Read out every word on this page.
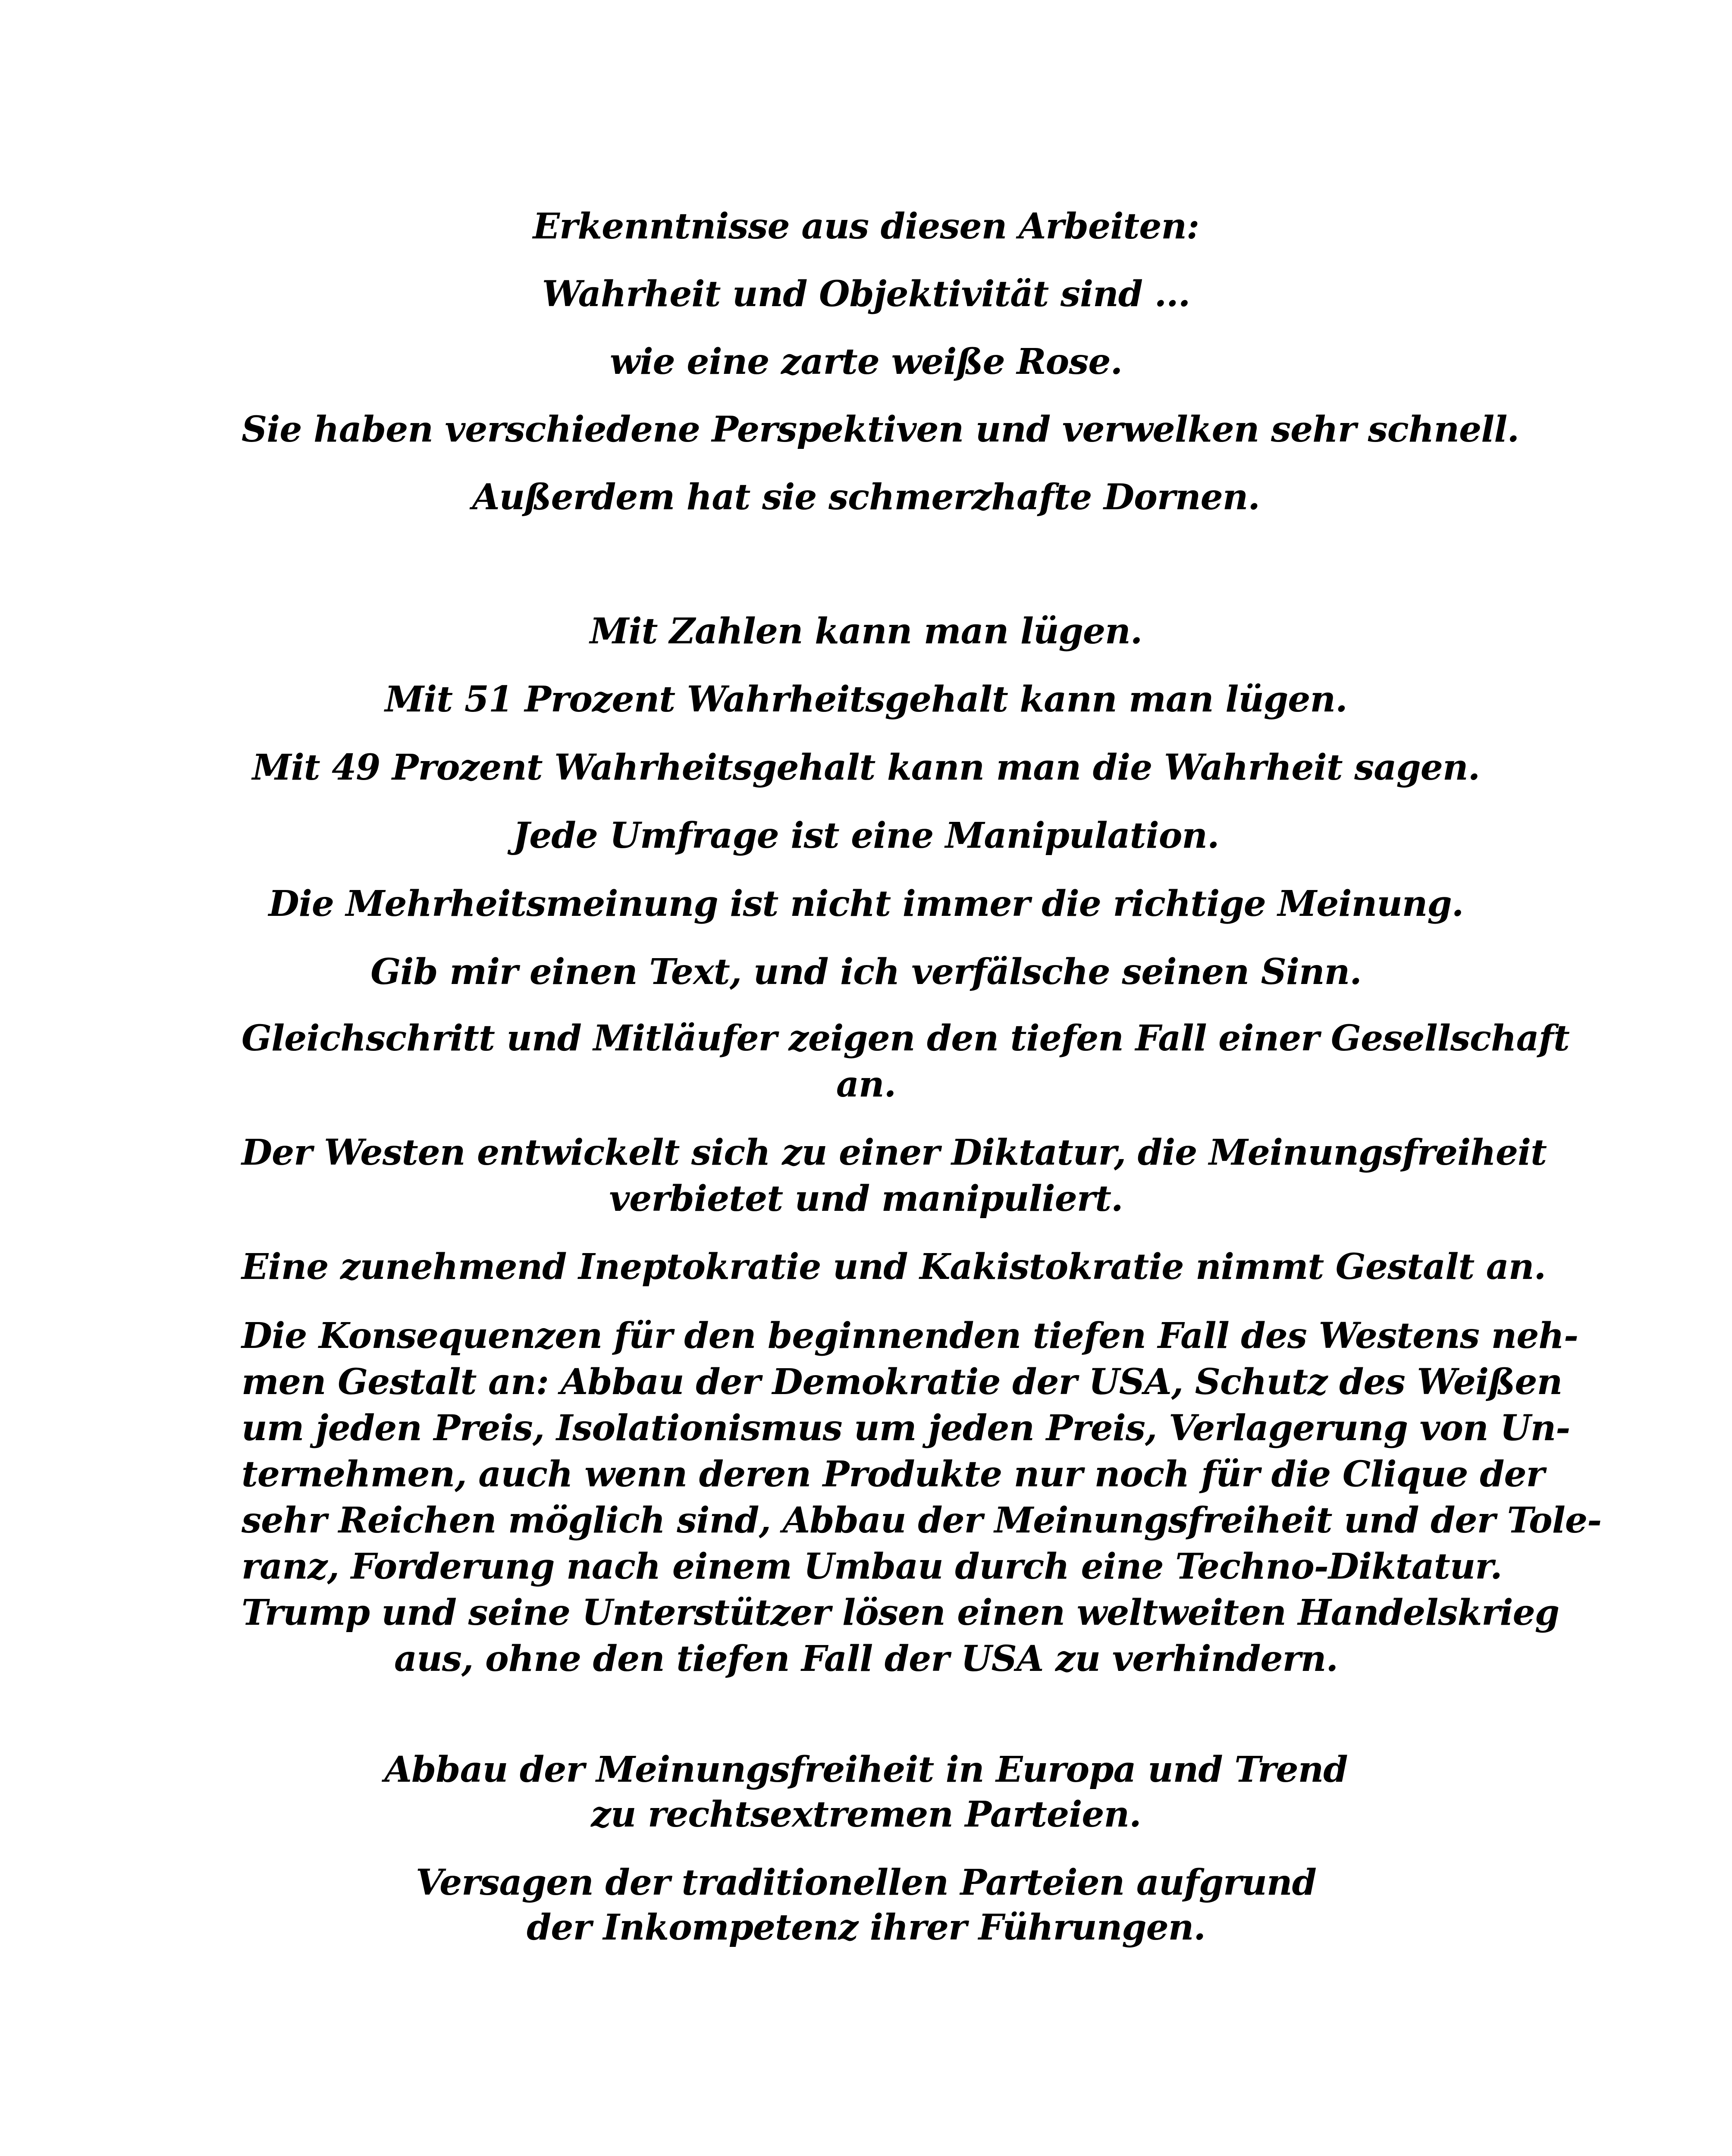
Erkenntnisse aus diesen Arbeiten:
Wahrheit und Objektivität sind ...
wie eine zarte weiße Rose.
Sie haben verschiedene Perspektiven und verwelken sehr schnell.
Außerdem hat sie schmerzhafte Dornen.
Mit Zahlen kann man lügen.
Mit 51 Prozent Wahrheitsgehalt kann man lügen.
Mit 49 Prozent Wahrheitsgehalt kann man die Wahrheit sagen.
Jede Umfrage ist eine Manipulation.
Die Mehrheitsmeinung ist nicht immer die richtige Meinung.
Gib mir einen Text, und ich verfälsche seinen Sinn.
Gleichschritt und Mitläufer zeigen den tiefen Fall einer Gesellschaft
an.
Der Westen entwickelt sich zu einer Diktatur, die Meinungsfreiheit
verbietet und manipuliert.
Eine zunehmend Ineptokratie und Kakistokratie nimmt Gestalt an.
Die Konsequenzen für den beginnenden tiefen Fall des Westens neh-
men Gestalt an: Abbau der Demokratie der USA, Schutz des Weißen
um jeden Preis, Isolationismus um jeden Preis, Verlagerung von Un-
ternehmen, auch wenn deren Produkte nur noch für die Clique der
sehr Reichen möglich sind, Abbau der Meinungsfreiheit und der Tole-
ranz, Forderung nach einem Umbau durch eine Techno-Diktatur.
Trump und seine Unterstützer lösen einen weltweiten Handelskrieg
aus, ohne den tiefen Fall der USA zu verhindern.
Abbau der Meinungsfreiheit in Europa und Trend
zu rechtsextremen Parteien.
Versagen der traditionellen Parteien aufgrund
der Inkompetenz ihrer Führungen.
